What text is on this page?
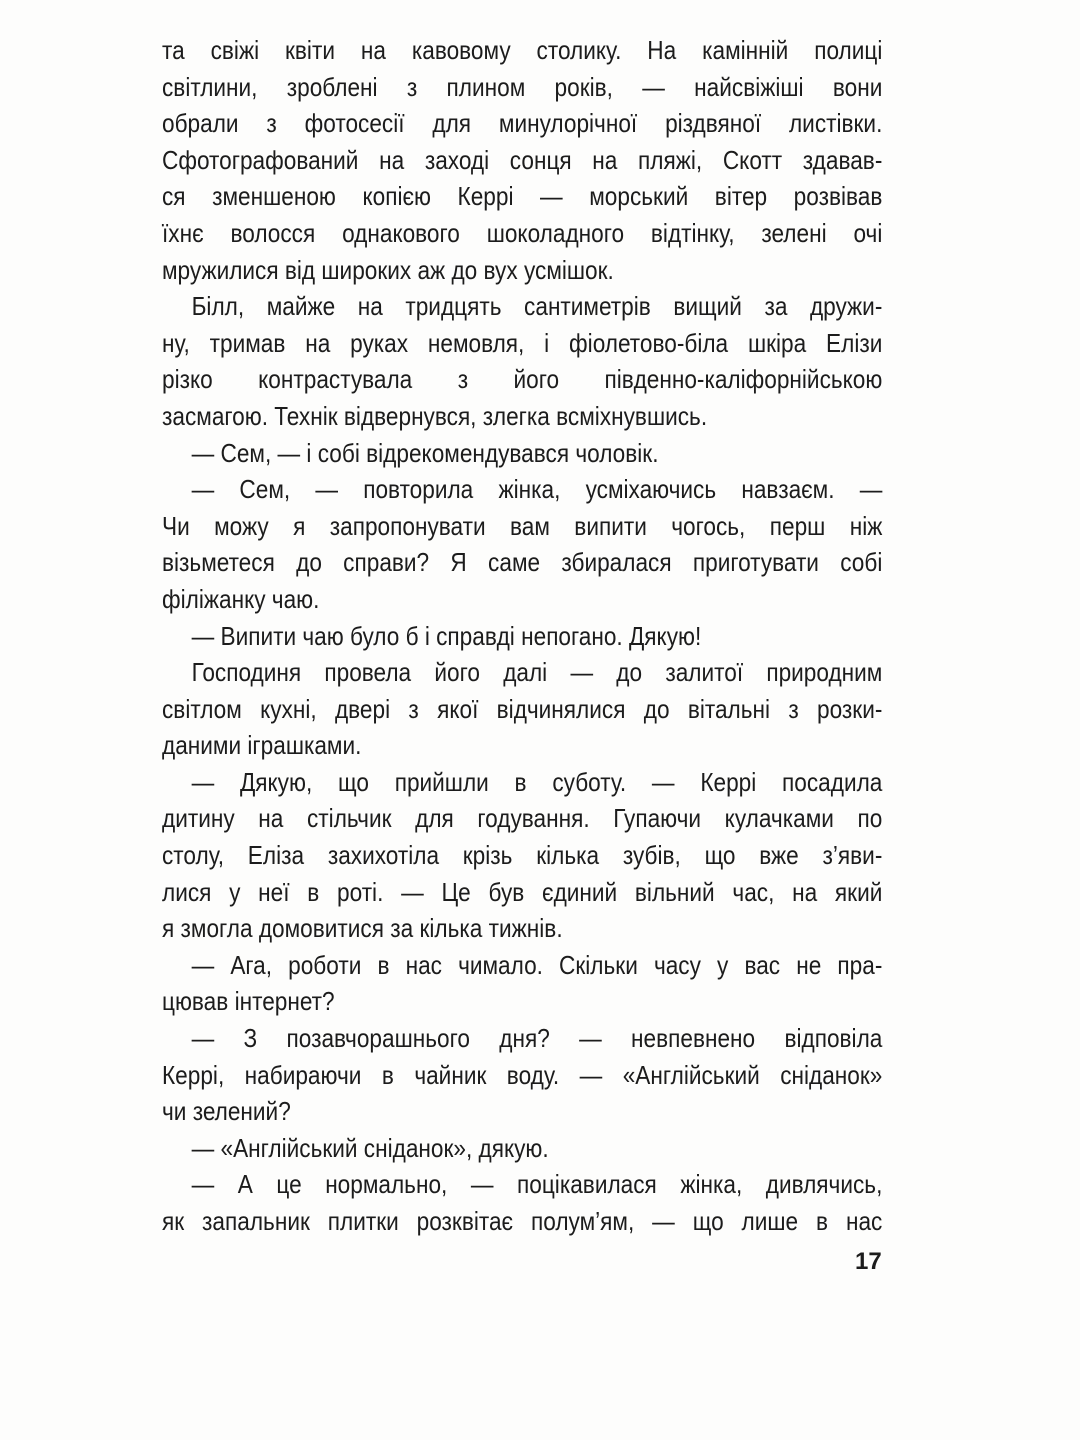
та свіжі квіти на кавовому столику. На камінній полиці
світлини, зроблені з плином років, — найсвіжіші вони
обрали з фотосесії для минулорічної різдвяної листівки.
Сфотографований на заході сонця на пляжі, Скотт здавав-
ся зменшеною копією Керрі — морський вітер розвівав
їхнє волосся однакового шоколадного відтінку, зелені очі
мружилися від широких аж до вух усмішок.
Білл, майже на тридцять сантиметрів вищий за дружи-
ну, тримав на руках немовля, і фіолетово-біла шкіра Елізи
різко контрастувала з його південно-каліфорнійською
засмагою. Технік відвернувся, злегка всміхнувшись.
— Сем, — і собі відрекомендувався чоловік.
— Сем, — повторила жінка, усміхаючись навзаєм. —
Чи можу я запропонувати вам випити чогось, перш ніж
візьметеся до справи? Я саме збиралася приготувати собі
філіжанку чаю.
— Випити чаю було б і справді непогано. Дякую!
Господиня провела його далі — до залитої природним
світлом кухні, двері з якої відчинялися до вітальні з розки-
даними іграшками.
— Дякую, що прийшли в суботу. — Керрі посадила
дитину на стільчик для годування. Гупаючи кулачками по
столу, Еліза захихотіла крізь кілька зубів, що вже з’яви-
лися у неї в роті. — Це був єдиний вільний час, на який
я змогла домовитися за кілька тижнів.
— Ага, роботи в нас чимало. Скільки часу у вас не пра-
цював інтернет?
— З позавчорашнього дня? — невпевнено відповіла
Керрі, набираючи в чайник воду. — «Англійський сніданок»
чи зелений?
— «Англійський сніданок», дякую.
— А це нормально, — поцікавилася жінка, дивлячись,
як запальник плитки розквітає полум’ям, — що лише в нас
17
